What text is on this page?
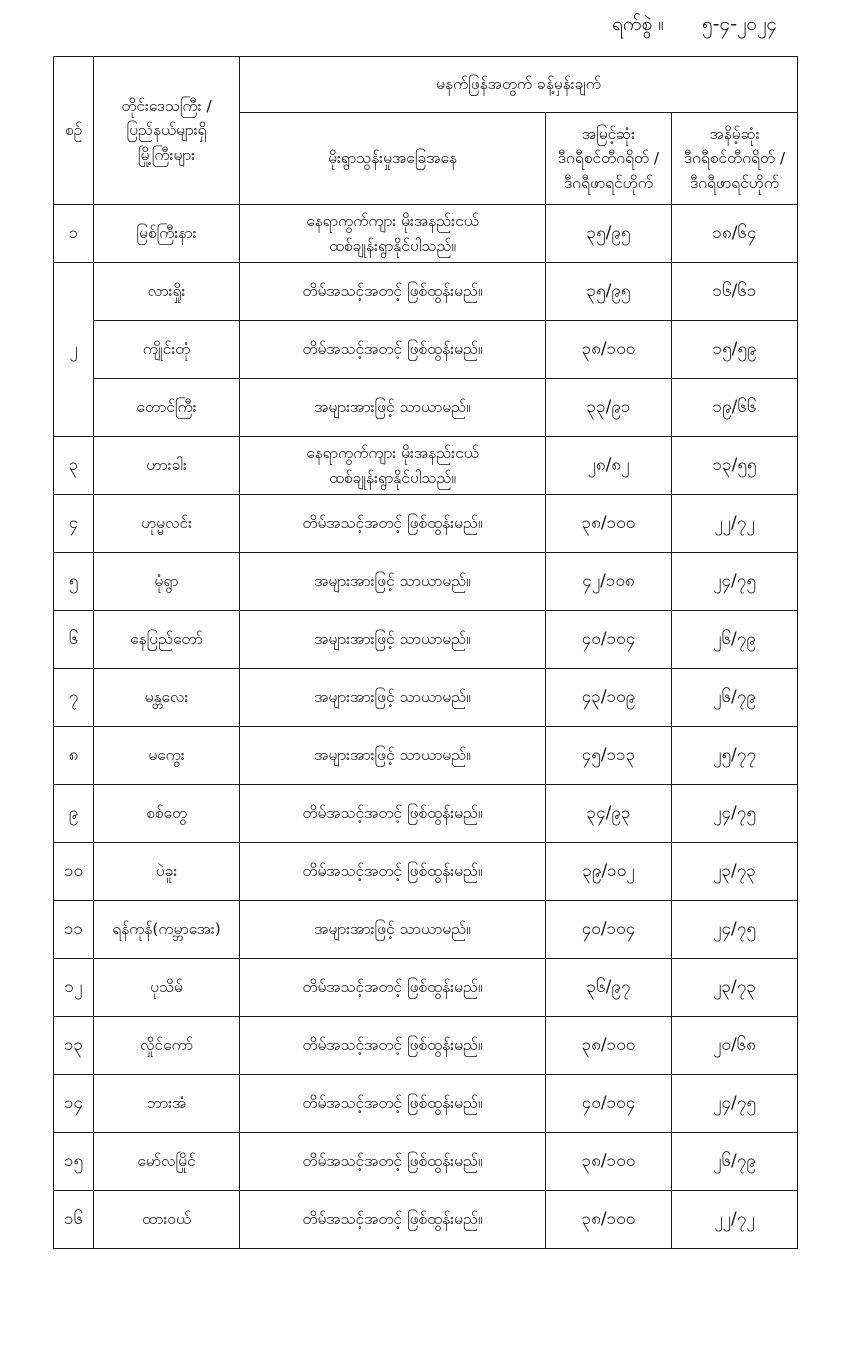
ရက်စွဲ ။ ၅-၄-၂၀၂၄
စဉ်	တိုင်းဒေသကြီး /
ပြည်နယ်များရှိ
မြို့ကြီးများ	မနက်ဖြန်အတွက် ခန့်မှန်းချက်		
		မိုးရွာသွန်းမှုအခြေအနေ	အမြင့်ဆုံး
ဒီဂရီစင်တီဂရိတ် /
ဒီဂရီဖာရင်ဟိုက်	အနိမ့်ဆုံး
ဒီဂရီစင်တီဂရိတ် /
ဒီဂရီဖာရင်ဟိုက်

၁	မြစ်ကြီးနား	နေရာကွက်ကျား မိုးအနည်းငယ်
ထစ်ချုန်းရွာနိုင်ပါသည်။	၃၅/၉၅	၁၈/၆၄
၂	လားရှိုး	တိမ်အသင့်အတင့် ဖြစ်ထွန်းမည်။	၃၅/၉၅	၁၆/၆၁
	ကျိုင်းတုံ	တိမ်အသင့်အတင့် ဖြစ်ထွန်းမည်။	၃၈/၁၀၀	၁၅/၅၉
	တောင်ကြီး	အများအားဖြင့် သာယာမည်။	၃၃/၉၁	၁၉/၆၆
၃	ဟားခါး	နေရာကွက်ကျား မိုးအနည်းငယ်
ထစ်ချုန်းရွာနိုင်ပါသည်။	၂၈/၈၂	၁၃/၅၅
၄	ဟုမ္မလင်း	တိမ်အသင့်အတင့် ဖြစ်ထွန်းမည်။	၃၈/၁၀၀	၂၂/၇၂
၅	မုံရွာ	အများအားဖြင့် သာယာမည်။	၄၂/၁၀၈	၂၄/၇၅
၆	နေပြည်တော်	အများအားဖြင့် သာယာမည်။	၄၀/၁၀၄	၂၆/၇၉
၇	မန္တလေး	အများအားဖြင့် သာယာမည်။	၄၃/၁၀၉	၂၆/၇၉
၈	မကွေး	အများအားဖြင့် သာယာမည်။	၄၅/၁၁၃	၂၅/၇၇
၉	စစ်တွေ	တိမ်အသင့်အတင့် ဖြစ်ထွန်းမည်။	၃၄/၉၃	၂၄/၇၅
၁၀	ပဲခူး	တိမ်အသင့်အတင့် ဖြစ်ထွန်းမည်။	၃၉/၁၀၂	၂၃/၇၃
၁၁	ရန်ကုန်(ကမ္ဘာအေး)	အများအားဖြင့် သာယာမည်။	၄၀/၁၀၄	၂၄/၇၅
၁၂	ပုသိမ်	တိမ်အသင့်အတင့် ဖြစ်ထွန်းမည်။	၃၆/၉၇	၂၃/၇၃
၁၃	လှိုင်ကော်	တိမ်အသင့်အတင့် ဖြစ်ထွန်းမည်။	၃၈/၁၀၀	၂၀/၆၈
၁၄	ဘားအံ	တိမ်အသင့်အတင့် ဖြစ်ထွန်းမည်။	၄၀/၁၀၄	၂၄/၇၅
၁၅	မော်လမြိုင်	တိမ်အသင့်အတင့် ဖြစ်ထွန်းမည်။	၃၈/၁၀၀	၂၆/၇၉
၁၆	ထားဝယ်	တိမ်အသင့်အတင့် ဖြစ်ထွန်းမည်။	၃၈/၁၀၀	၂၂/၇၂
